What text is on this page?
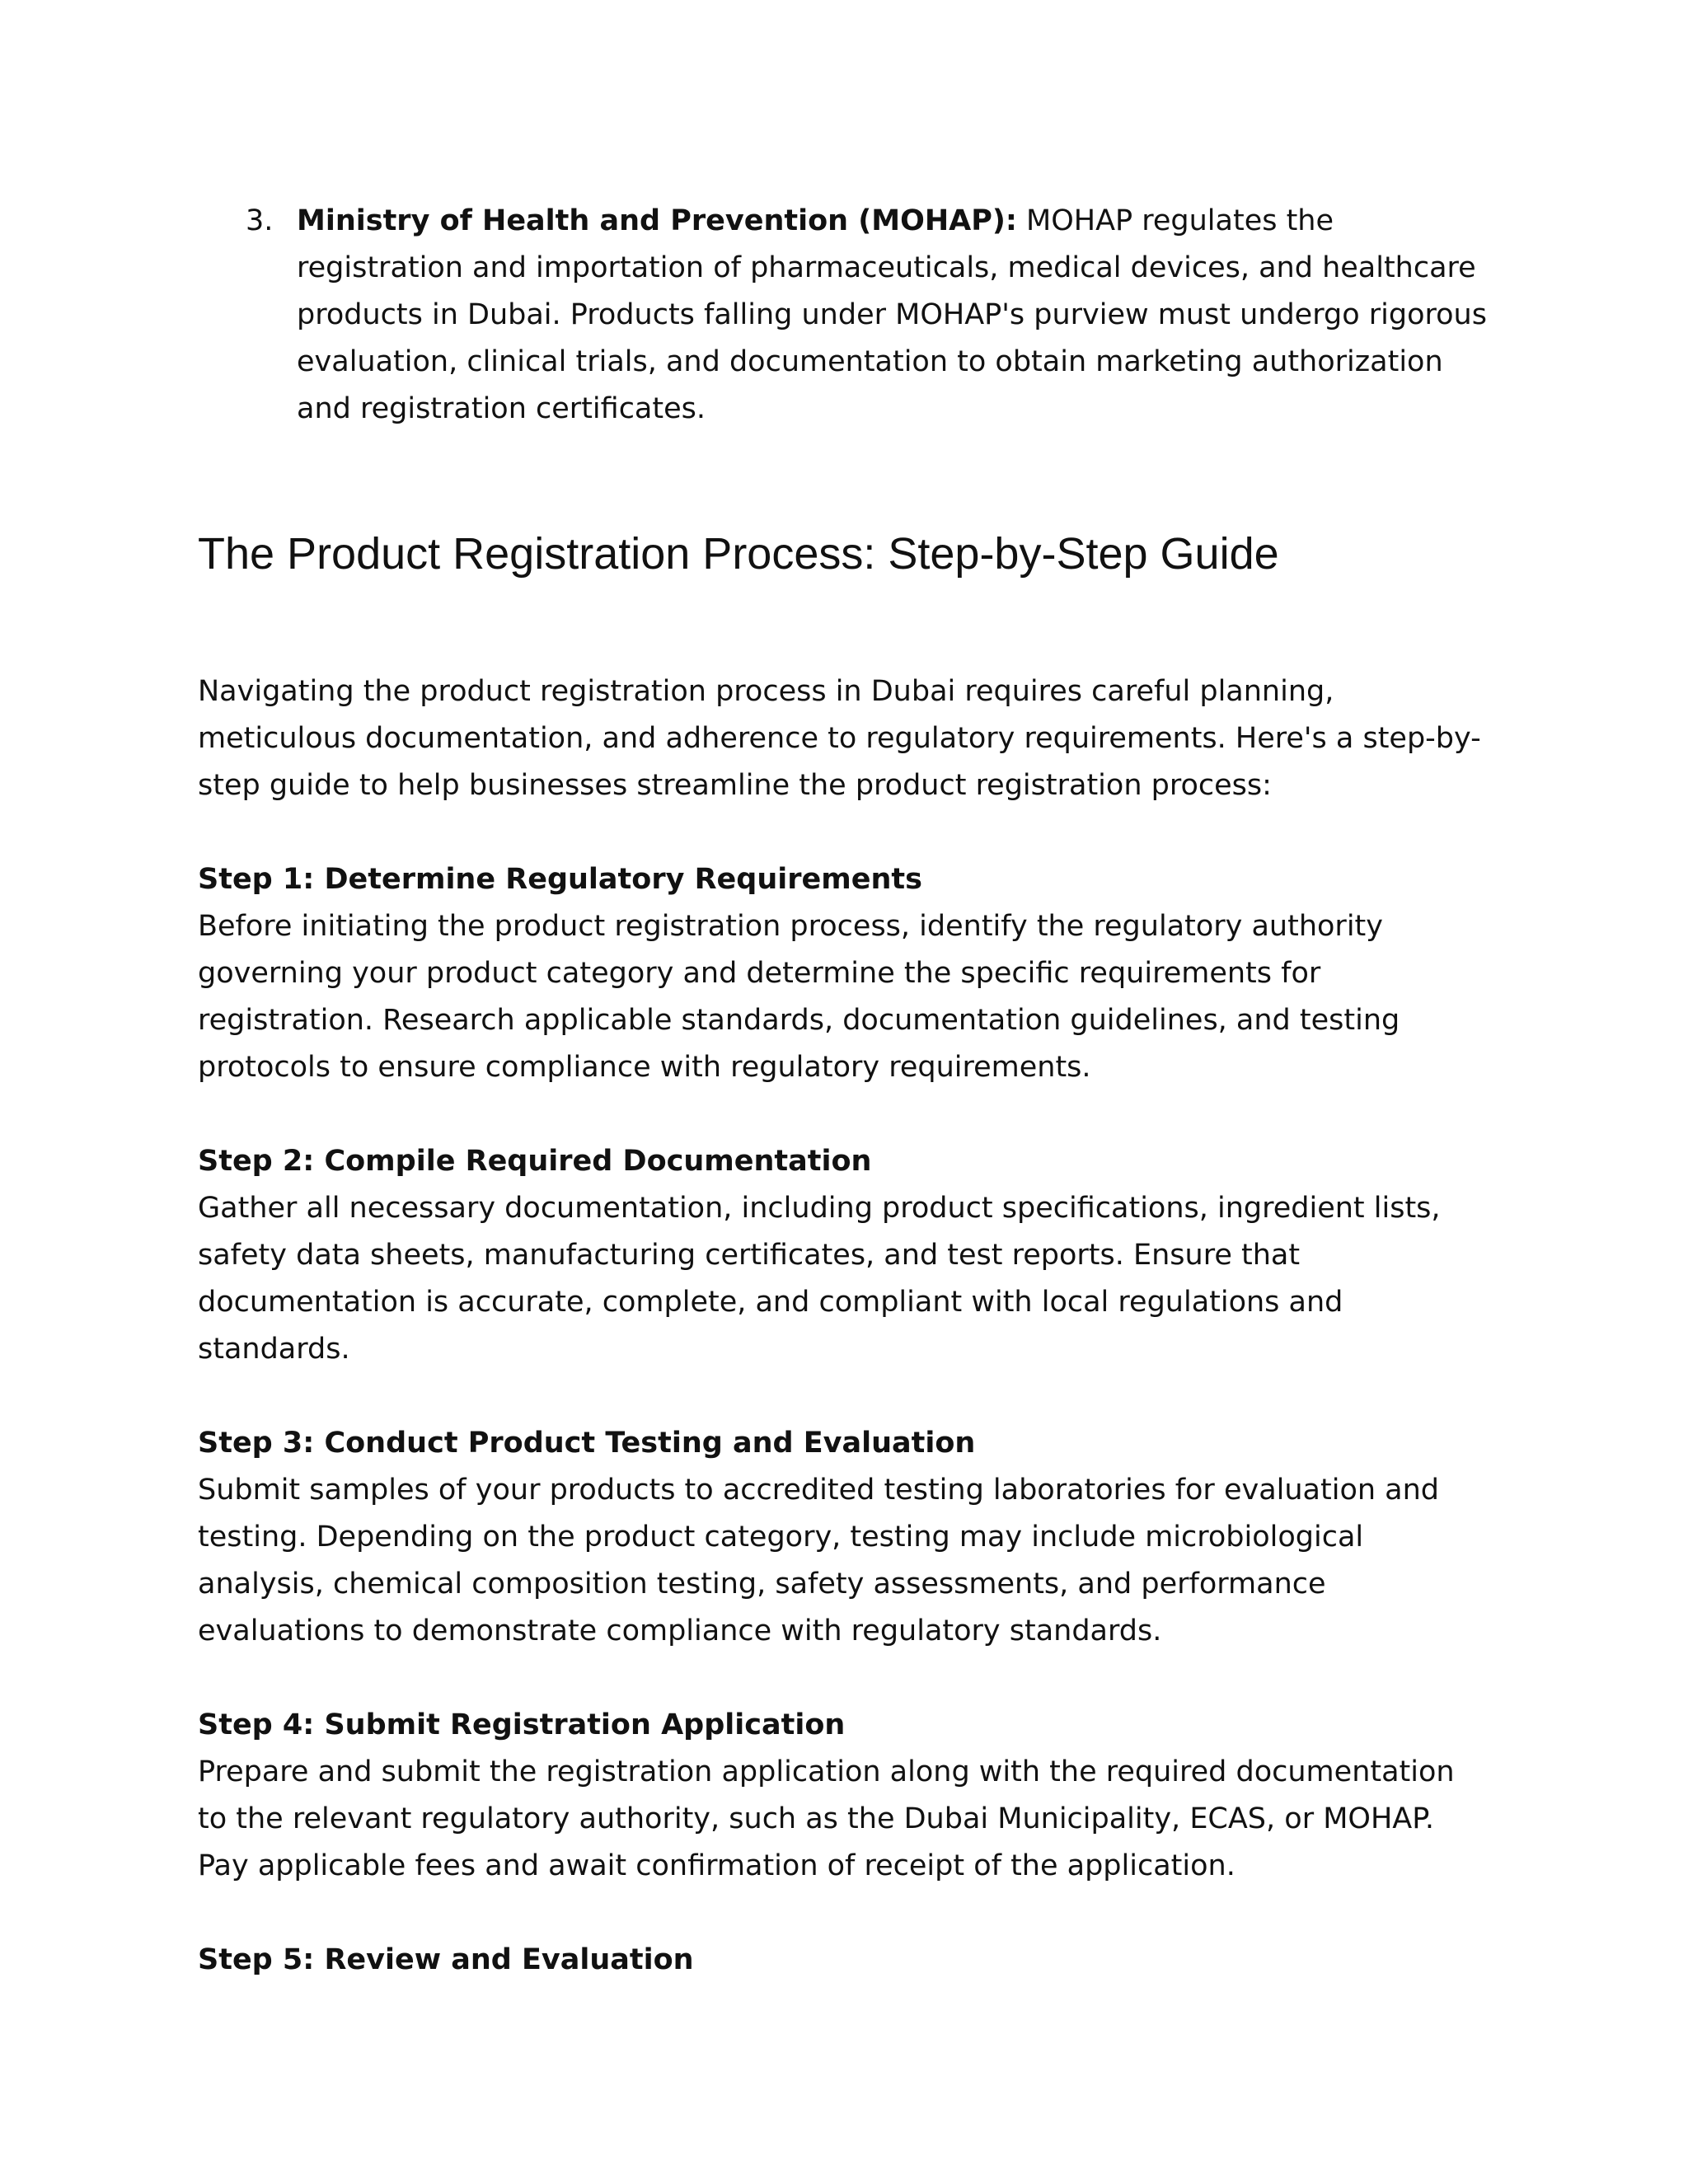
3. Ministry of Health and Prevention (MOHAP): MOHAP regulates the registration and importation of pharmaceuticals, medical devices, and healthcare products in Dubai. Products falling under MOHAP's purview must undergo rigorous evaluation, clinical trials, and documentation to obtain marketing authorization and registration certificates.
The Product Registration Process: Step-by-Step Guide

Navigating the product registration process in Dubai requires careful planning, meticulous documentation, and adherence to regulatory requirements. Here's a step-by-step guide to help businesses streamline the product registration process:

Step 1: Determine Regulatory Requirements
Before initiating the product registration process, identify the regulatory authority governing your product category and determine the specific requirements for registration. Research applicable standards, documentation guidelines, and testing protocols to ensure compliance with regulatory requirements.
Step 2: Compile Required Documentation
Gather all necessary documentation, including product specifications, ingredient lists, safety data sheets, manufacturing certificates, and test reports. Ensure that documentation is accurate, complete, and compliant with local regulations and standards.
Step 3: Conduct Product Testing and Evaluation
Submit samples of your products to accredited testing laboratories for evaluation and testing. Depending on the product category, testing may include microbiological analysis, chemical composition testing, safety assessments, and performance evaluations to demonstrate compliance with regulatory standards.
Step 4: Submit Registration Application
Prepare and submit the registration application along with the required documentation to the relevant regulatory authority, such as the Dubai Municipality, ECAS, or MOHAP. Pay applicable fees and await confirmation of receipt of the application.
Step 5: Review and Evaluation
